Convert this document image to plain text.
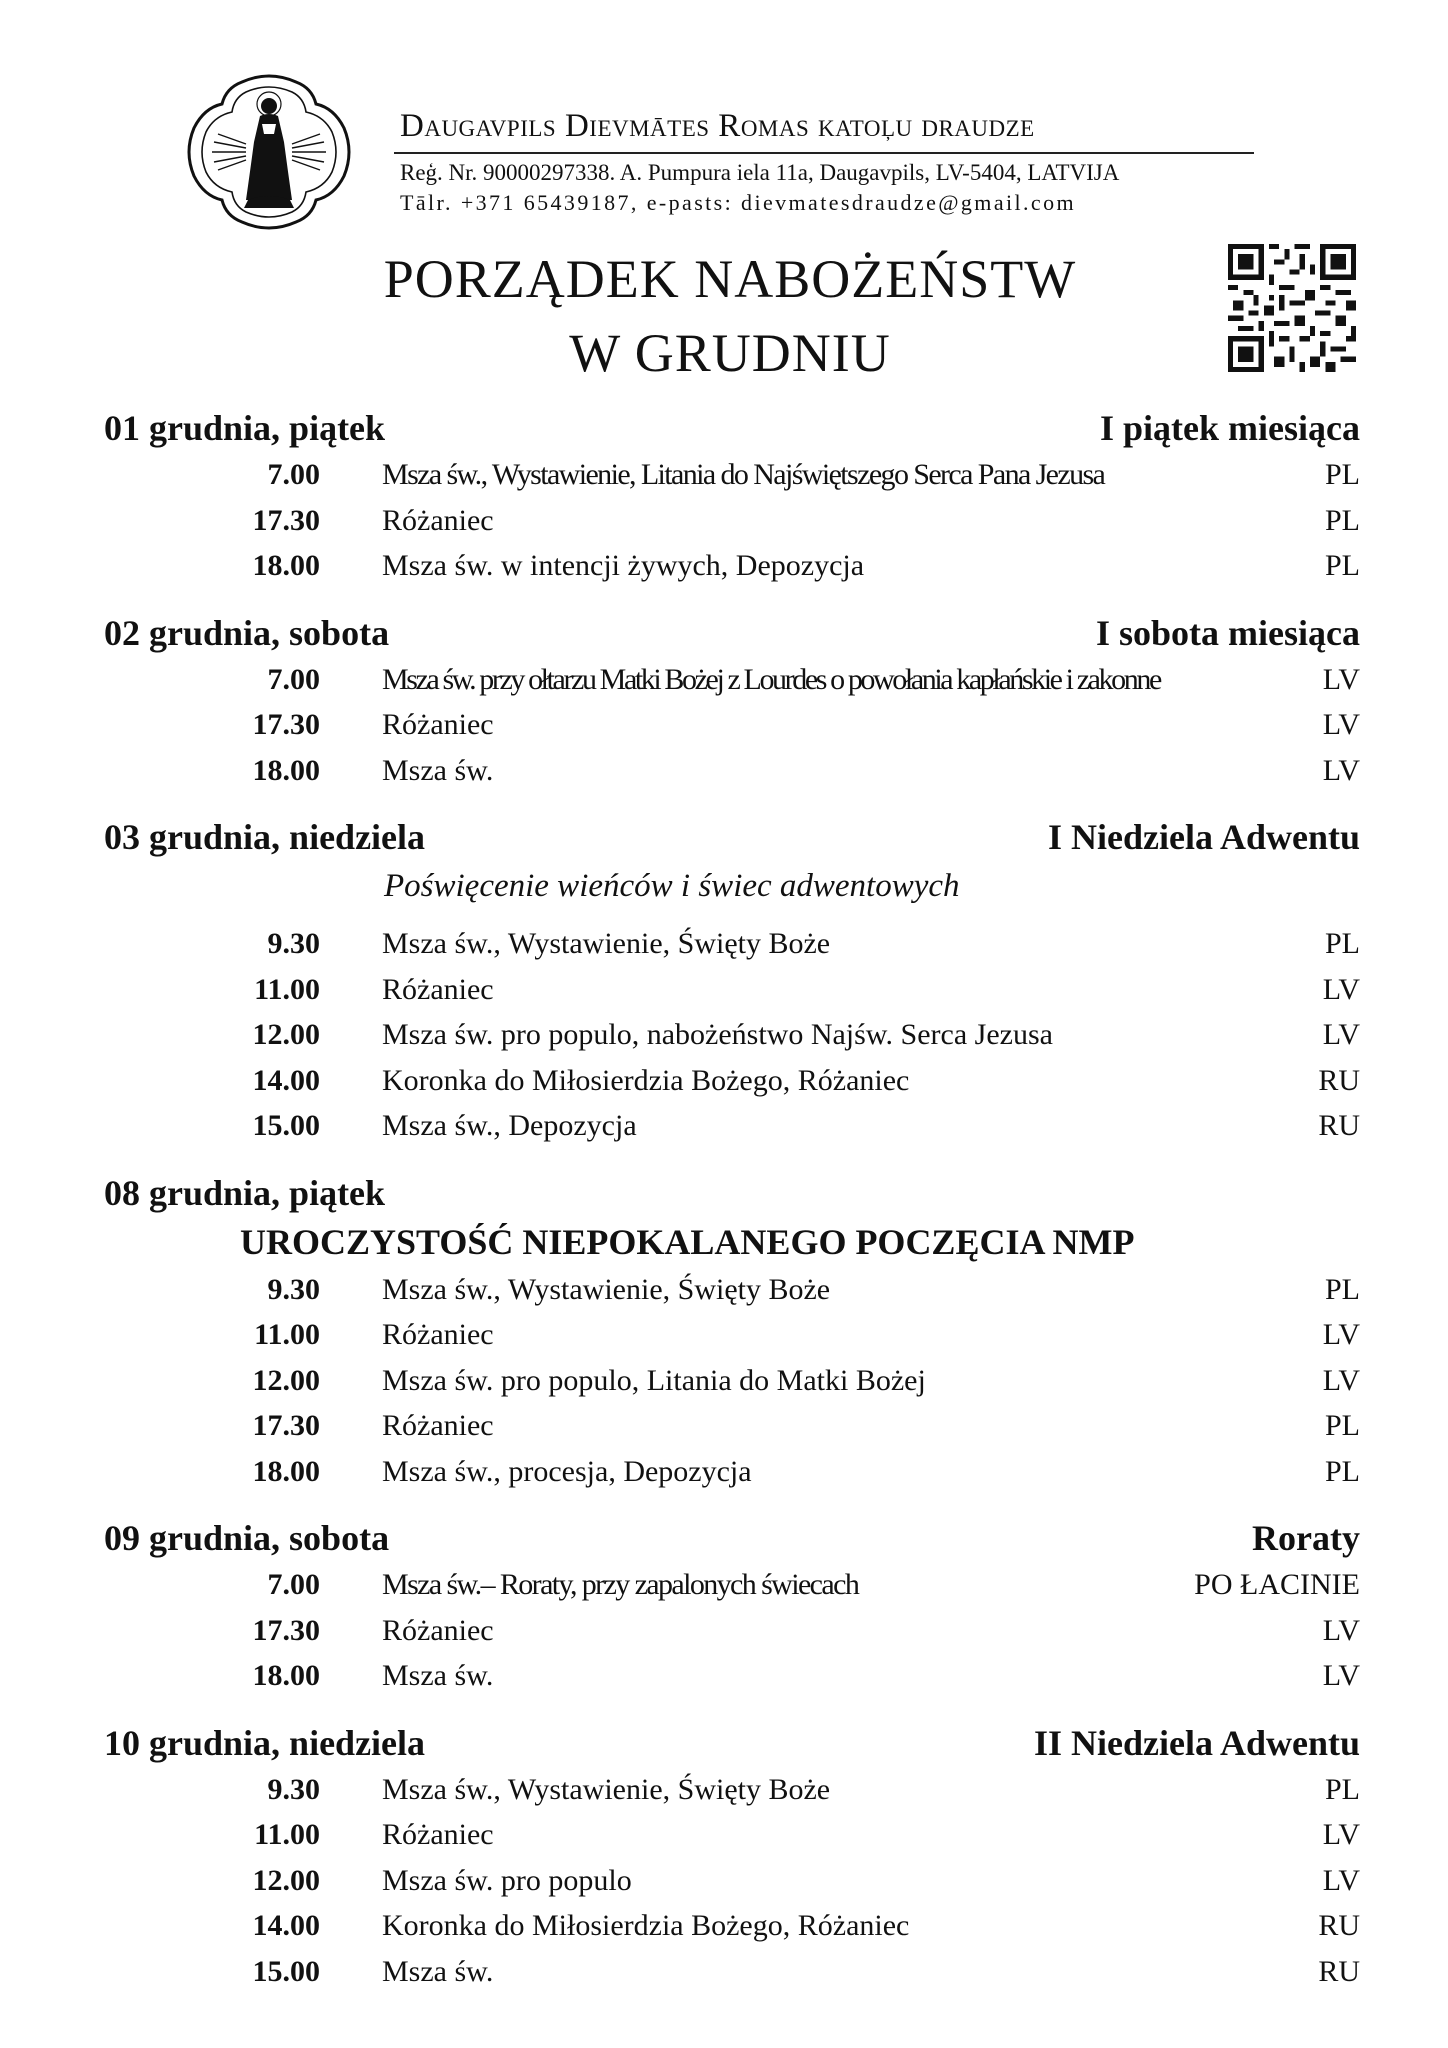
Daugavpils Dievmātes Romas katoļu draudze
Reģ. Nr. 90000297338. A. Pumpura iela 11a, Daugavpils, LV-5404, LATVIJA
Tālr. +371 65439187, e-pasts: dievmatesdraudze@gmail.com
PORZĄDEK NABOŻEŃSTW
W GRUDNIU
01 grudnia, piątek	I piątek miesiąca
7.00	Msza św., Wystawienie, Litania do Najświętszego Serca Pana Jezusa	PL
17.30	Różaniec	PL
18.00	Msza św. w intencji żywych, Depozycja	PL
02 grudnia, sobota	I sobota miesiąca
7.00	Msza św. przy ołtarzu Matki Bożej z Lourdes o powołania kapłańskie i zakonne	LV
17.30	Różaniec	LV
18.00	Msza św.	LV
03 grudnia, niedziela	I Niedziela Adwentu
Poświęcenie wieńców i świec adwentowych
9.30	Msza św., Wystawienie, Święty Boże	PL
11.00	Różaniec	LV
12.00	Msza św. pro populo, nabożeństwo Najśw. Serca Jezusa	LV
14.00	Koronka do Miłosierdzia Bożego, Różaniec	RU
15.00	Msza św., Depozycja	RU
08 grudnia, piątek
UROCZYSTOŚĆ NIEPOKALANEGO POCZĘCIA NMP
9.30	Msza św., Wystawienie, Święty Boże	PL
11.00	Różaniec	LV
12.00	Msza św. pro populo, Litania do Matki Bożej	LV
17.30	Różaniec	PL
18.00	Msza św., procesja, Depozycja	PL
09 grudnia, sobota	Roraty
7.00	Msza św.– Roraty, przy zapalonych świecach	PO ŁACINIE
17.30	Różaniec	LV
18.00	Msza św.	LV
10 grudnia, niedziela	II Niedziela Adwentu
9.30	Msza św., Wystawienie, Święty Boże	PL
11.00	Różaniec	LV
12.00	Msza św. pro populo	LV
14.00	Koronka do Miłosierdzia Bożego, Różaniec	RU
15.00	Msza św.	RU
